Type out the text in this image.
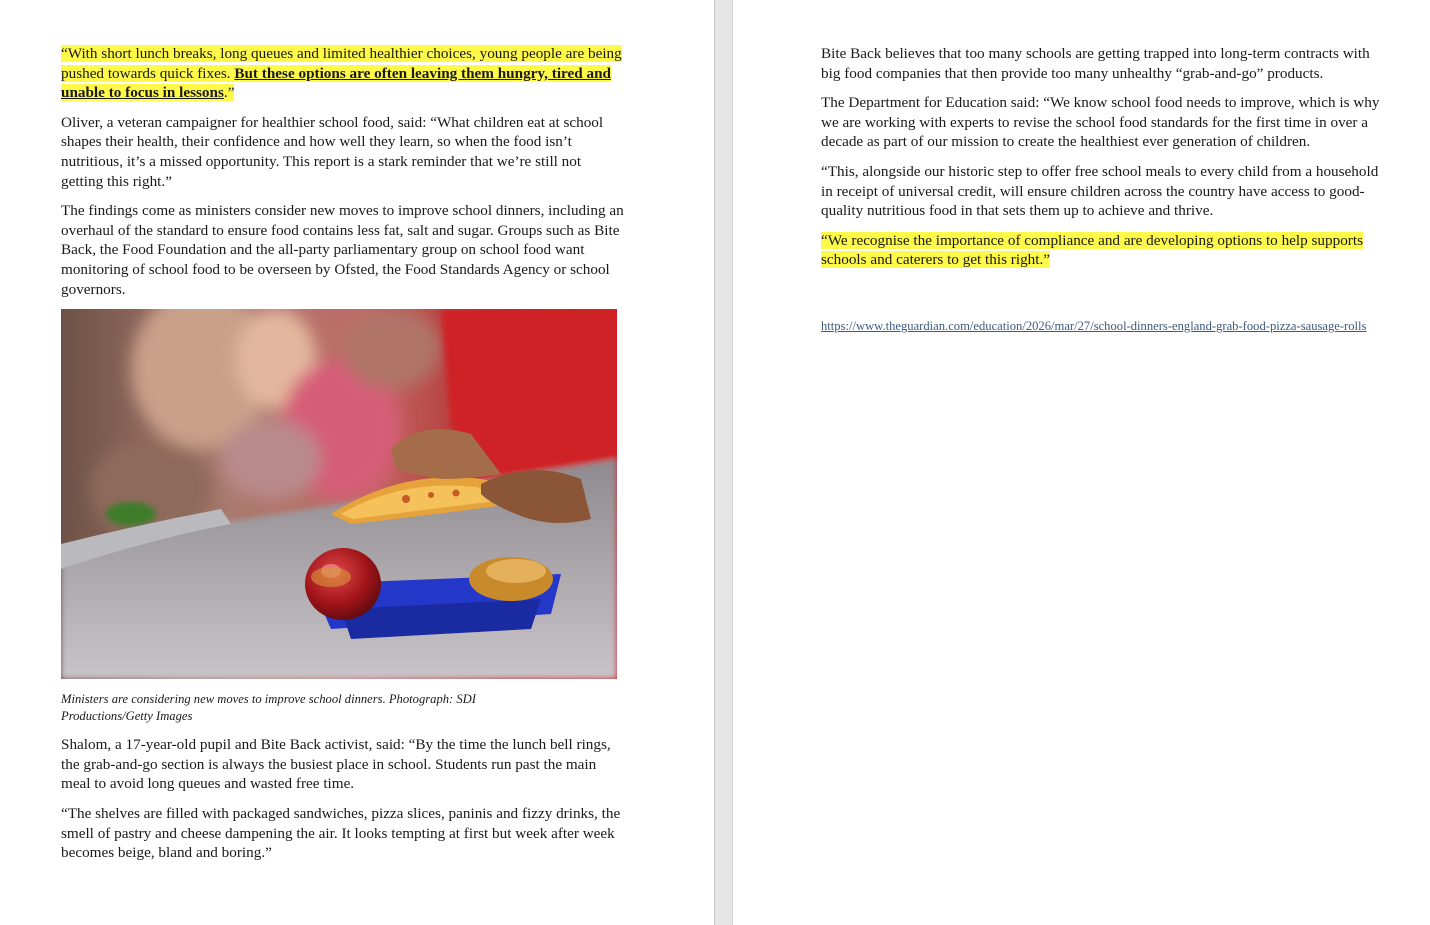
“With short lunch breaks, long queues and limited healthier choices, young people are being pushed towards quick fixes. But these options are often leaving them hungry, tired and unable to focus in lessons.”

Oliver, a veteran campaigner for healthier school food, said: “What children eat at school shapes their health, their confidence and how well they learn, so when the food isn’t nutritious, it’s a missed opportunity. This report is a stark reminder that we’re still not getting this right.”

The findings come as ministers consider new moves to improve school dinners, including an overhaul of the standard to ensure food contains less fat, salt and sugar. Groups such as Bite Back, the Food Foundation and the all-party parliamentary group on school food want monitoring of school food to be overseen by Ofsted, the Food Standards Agency or school governors.

Ministers are considering new moves to improve school dinners. Photograph: SDI Productions/Getty Images

Shalom, a 17-year-old pupil and Bite Back activist, said: “By the time the lunch bell rings, the grab-and-go section is always the busiest place in school. Students run past the main meal to avoid long queues and wasted free time.

“The shelves are filled with packaged sandwiches, pizza slices, paninis and fizzy drinks, the smell of pastry and cheese dampening the air. It looks tempting at first but week after week becomes beige, bland and boring.”

Bite Back believes that too many schools are getting trapped into long-term contracts with big food companies that then provide too many unhealthy “grab-and-go” products.

The Department for Education said: “We know school food needs to improve, which is why we are working with experts to revise the school food standards for the first time in over a decade as part of our mission to create the healthiest ever generation of children.

“This, alongside our historic step to offer free school meals to every child from a household in receipt of universal credit, will ensure children across the country have access to good-quality nutritious food in that sets them up to achieve and thrive.

“We recognise the importance of compliance and are developing options to help supports schools and caterers to get this right.”

https://www.theguardian.com/education/2026/mar/27/school-dinners-england-grab-food-pizza-sausage-rolls
